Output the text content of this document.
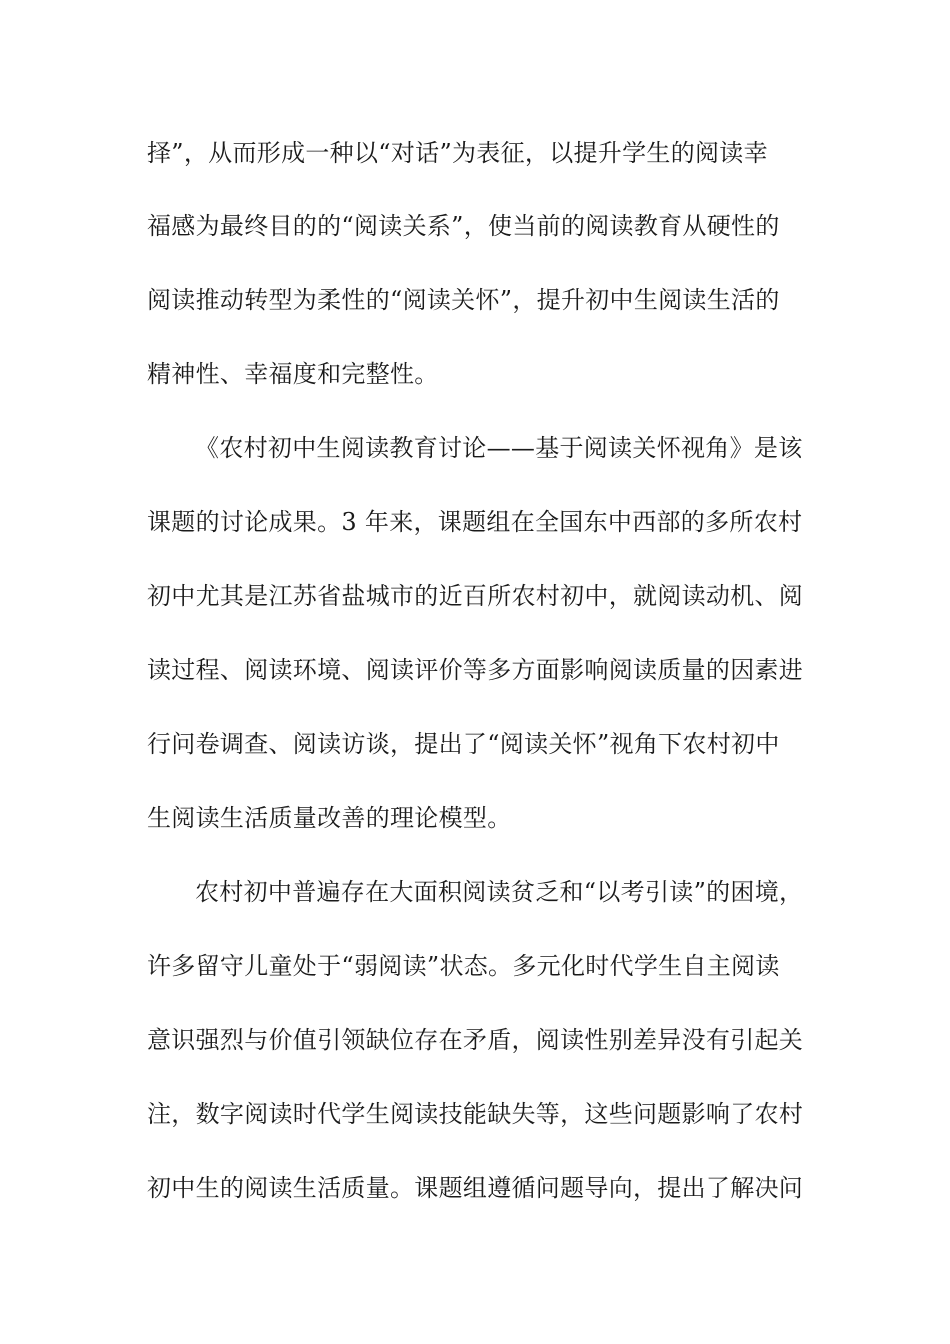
择”，从而形成一种以“对话”为表征，以提升学生的阅读幸
福感为最终目的的“阅读关系”，使当前的阅读教育从硬性的
阅读推动转型为柔性的“阅读关怀”，提升初中生阅读生活的
精神性、幸福度和完整性。
《农村初中生阅读教育讨论——基于阅读关怀视角》是该
课题的讨论成果。3 年来，课题组在全国东中西部的多所农村
初中尤其是江苏省盐城市的近百所农村初中，就阅读动机、阅
读过程、阅读环境、阅读评价等多方面影响阅读质量的因素进
行问卷调查、阅读访谈，提出了“阅读关怀”视角下农村初中
生阅读生活质量改善的理论模型。
农村初中普遍存在大面积阅读贫乏和“以考引读”的困境，
许多留守儿童处于“弱阅读”状态。多元化时代学生自主阅读
意识强烈与价值引领缺位存在矛盾，阅读性别差异没有引起关
注，数字阅读时代学生阅读技能缺失等，这些问题影响了农村
初中生的阅读生活质量。课题组遵循问题导向，提出了解决问
